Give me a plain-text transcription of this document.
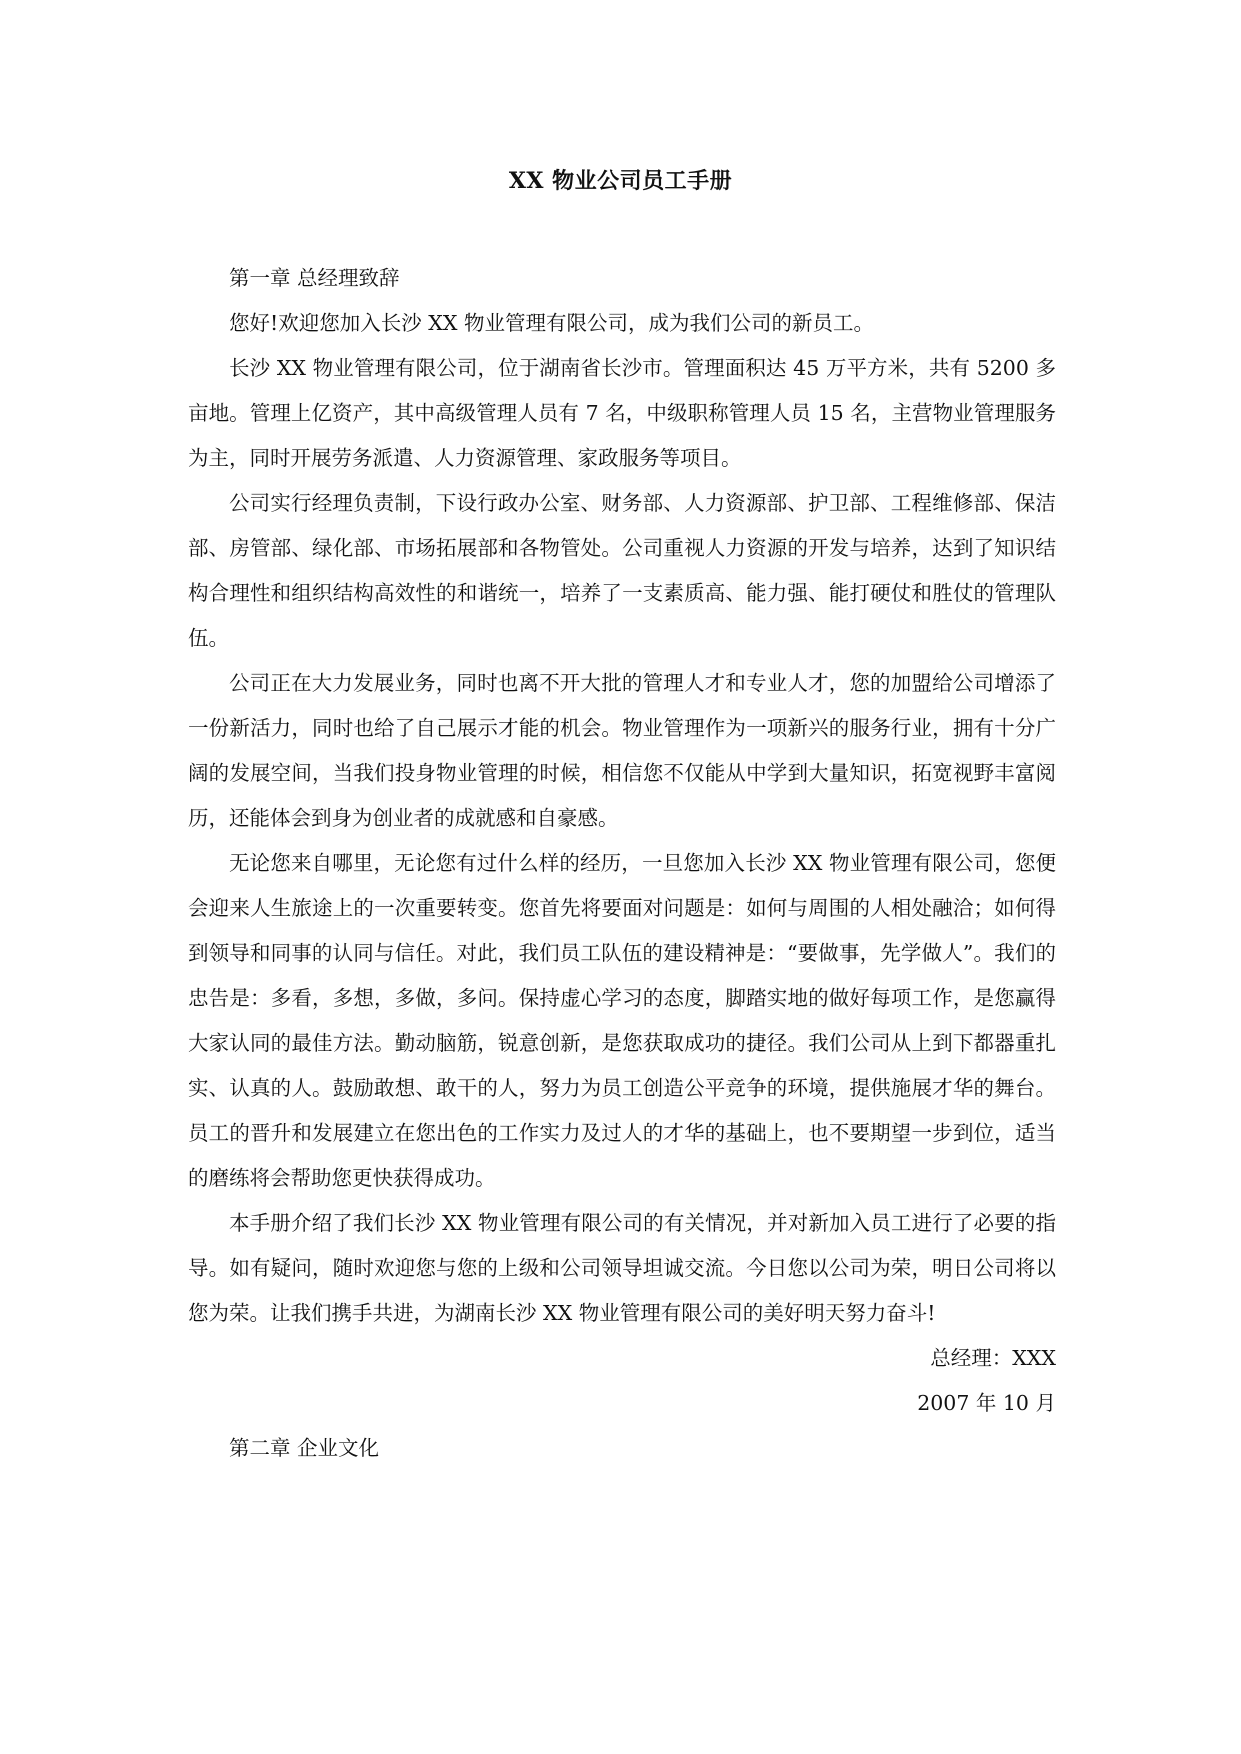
XX 物业公司员工手册

第一章 总经理致辞

您好!欢迎您加入长沙 XX 物业管理有限公司，成为我们公司的新员工。

长沙 XX 物业管理有限公司，位于湖南省长沙市。管理面积达 45 万平方米，共有 5200 多亩地。管理上亿资产，其中高级管理人员有 7 名，中级职称管理人员 15 名，主营物业管理服务为主，同时开展劳务派遣、人力资源管理、家政服务等项目。

公司实行经理负责制，下设行政办公室、财务部、人力资源部、护卫部、工程维修部、保洁部、房管部、绿化部、市场拓展部和各物管处。公司重视人力资源的开发与培养，达到了知识结构合理性和组织结构高效性的和谐统一，培养了一支素质高、能力强、能打硬仗和胜仗的管理队伍。

公司正在大力发展业务，同时也离不开大批的管理人才和专业人才，您的加盟给公司增添了一份新活力，同时也给了自己展示才能的机会。物业管理作为一项新兴的服务行业，拥有十分广阔的发展空间，当我们投身物业管理的时候，相信您不仅能从中学到大量知识，拓宽视野丰富阅历，还能体会到身为创业者的成就感和自豪感。

无论您来自哪里，无论您有过什么样的经历，一旦您加入长沙 XX 物业管理有限公司，您便会迎来人生旅途上的一次重要转变。您首先将要面对问题是：如何与周围的人相处融洽；如何得到领导和同事的认同与信任。对此，我们员工队伍的建设精神是：“要做事，先学做人”。我们的忠告是：多看，多想，多做，多问。保持虚心学习的态度，脚踏实地的做好每项工作，是您赢得大家认同的最佳方法。勤动脑筋，锐意创新，是您获取成功的捷径。我们公司从上到下都器重扎实、认真的人。鼓励敢想、敢干的人，努力为员工创造公平竞争的环境，提供施展才华的舞台。员工的晋升和发展建立在您出色的工作实力及过人的才华的基础上，也不要期望一步到位，适当的磨练将会帮助您更快获得成功。

本手册介绍了我们长沙 XX 物业管理有限公司的有关情况，并对新加入员工进行了必要的指导。如有疑问，随时欢迎您与您的上级和公司领导坦诚交流。今日您以公司为荣，明日公司将以您为荣。让我们携手共进，为湖南长沙 XX 物业管理有限公司的美好明天努力奋斗!

总经理：XXX

2007 年 10 月

第二章 企业文化
